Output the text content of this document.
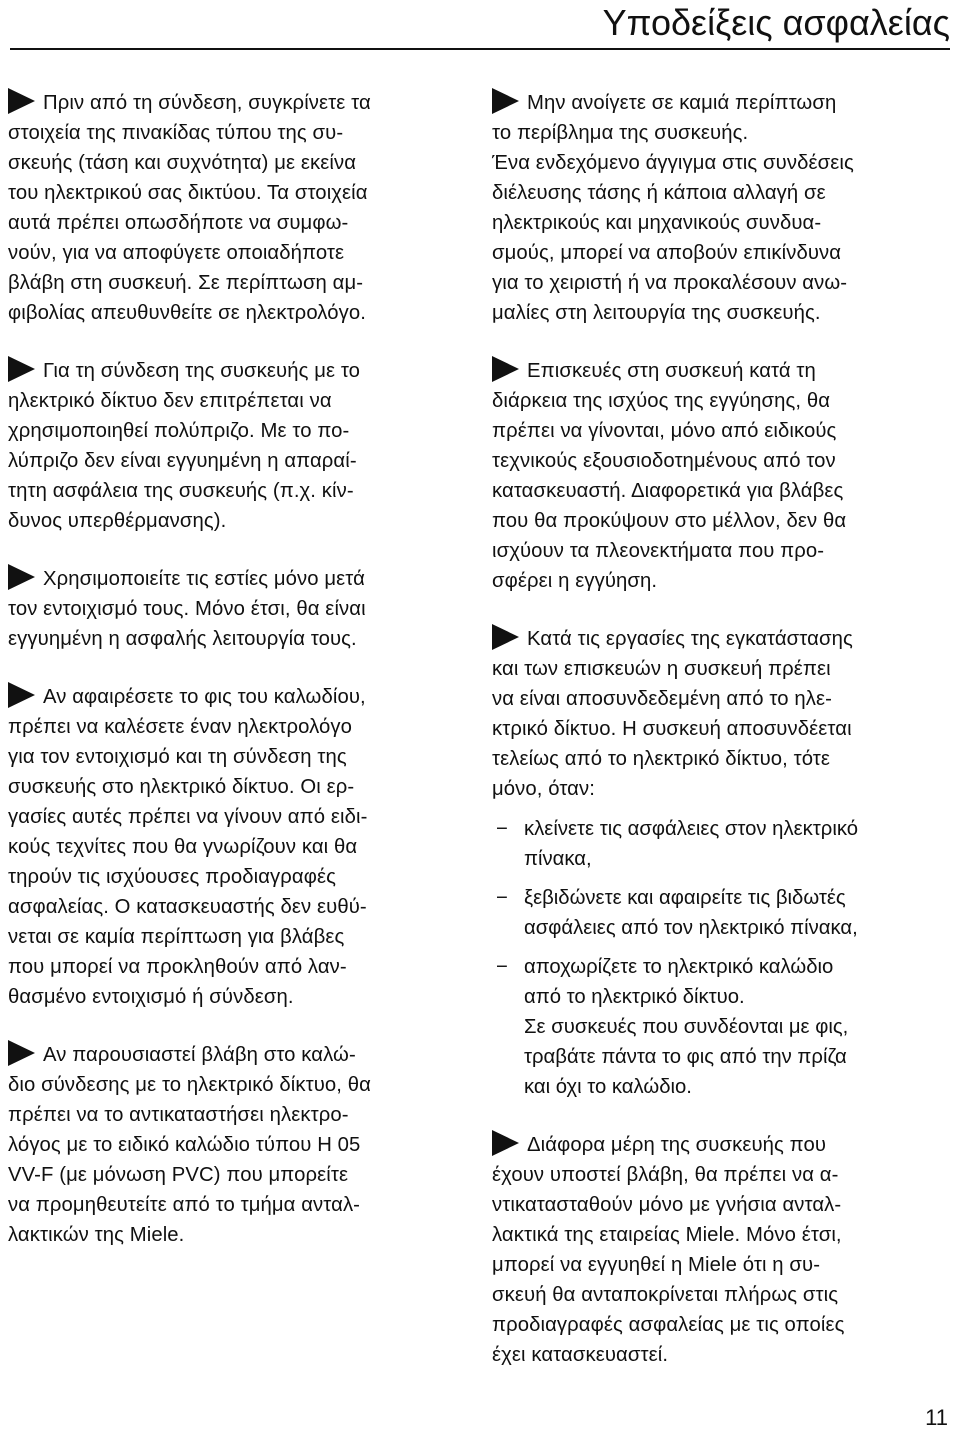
Υποδείξεις ασφαλείας

Πριν από τη σύνδεση, συγκρίνετε τα
στοιχεία της πινακίδας τύπου της συ-
σκευής (τάση και συχνότητα) με εκείνα
του ηλεκτρικού σας δικτύου. Τα στοιχεία
αυτά πρέπει οπωσδήποτε να συμφω-
νούν, για να αποφύγετε οποιαδήποτε
βλάβη στη συσκευή. Σε περίπτωση αμ-
φιβολίας απευθυνθείτε σε ηλεκτρολόγο.

Για τη σύνδεση της συσκευής με το
ηλεκτρικό δίκτυο δεν επιτρέπεται να
χρησιμοποιηθεί πολύπριζο. Με το πο-
λύπριζο δεν είναι εγγυημένη η απαραί-
τητη ασφάλεια της συσκευής (π.χ. κίν-
δυνος υπερθέρμανσης).

Χρησιμοποιείτε τις εστίες μόνο μετά
τον εντοιχισμό τους. Μόνο έτσι, θα είναι
εγγυημένη η ασφαλής λειτουργία τους.

Αν αφαιρέσετε το φις του καλωδίου,
πρέπει να καλέσετε έναν ηλεκτρολόγο
για τον εντοιχισμό και τη σύνδεση της
συσκευής στο ηλεκτρικό δίκτυο. Οι ερ-
γασίες αυτές πρέπει να γίνουν από ειδι-
κούς τεχνίτες που θα γνωρίζουν και θα
τηρούν τις ισχύουσες προδιαγραφές
ασφαλείας. Ο κατασκευαστής δεν ευθύ-
νεται σε καμία περίπτωση για βλάβες
που μπορεί να προκληθούν από λαν-
θασμένο εντοιχισμό ή σύνδεση.

Αν παρουσιαστεί βλάβη στο καλώ-
διο σύνδεσης με το ηλεκτρικό δίκτυο, θα
πρέπει να το αντικαταστήσει ηλεκτρο-
λόγος με το ειδικό καλώδιο τύπου H 05
VV-F (με μόνωση PVC) που μπορείτε
να προμηθευτείτε από το τμήμα ανταλ-
λακτικών της Miele.

Μην ανοίγετε σε καμιά περίπτωση
το περίβλημα της συσκευής.
Ένα ενδεχόμενο άγγιγμα στις συνδέσεις
διέλευσης τάσης ή κάποια αλλαγή σε
ηλεκτρικούς και μηχανικούς συνδυα-
σμούς, μπορεί να αποβούν επικίνδυνα
για το χειριστή ή να προκαλέσουν ανω-
μαλίες στη λειτουργία της συσκευής.

Επισκευές στη συσκευή κατά τη
διάρκεια της ισχύος της εγγύησης, θα
πρέπει να γίνονται, μόνο από ειδικούς
τεχνικούς εξουσιοδοτημένους από τον
κατασκευαστή. Διαφορετικά για βλάβες
που θα προκύψουν στο μέλλον, δεν θα
ισχύουν τα πλεονεκτήματα που προ-
σφέρει η εγγύηση.

Κατά τις εργασίες της εγκατάστασης
και των επισκευών η συσκευή πρέπει
να είναι αποσυνδεδεμένη από το ηλε-
κτρικό δίκτυο. Η συσκευή αποσυνδέεται
τελείως από το ηλεκτρικό δίκτυο, τότε
μόνο, όταν:

− κλείνετε τις ασφάλειες στον ηλεκτρικό
πίνακα,
− ξεβιδώνετε και αφαιρείτε τις βιδωτές
ασφάλειες από τον ηλεκτρικό πίνακα,
− αποχωρίζετε το ηλεκτρικό καλώδιο
από το ηλεκτρικό δίκτυο.
Σε συσκευές που συνδέονται με φις,
τραβάτε πάντα το φις από την πρίζα
και όχι το καλώδιο.

Διάφορα μέρη της συσκευής που
έχουν υποστεί βλάβη, θα πρέπει να α-
ντικατασταθούν μόνο με γνήσια ανταλ-
λακτικά της εταιρείας Miele. Μόνο έτσι,
μπορεί να εγγυηθεί η Miele ότι η συ-
σκευή θα ανταποκρίνεται πλήρως στις
προδιαγραφές ασφαλείας με τις οποίες
έχει κατασκευαστεί.

11
